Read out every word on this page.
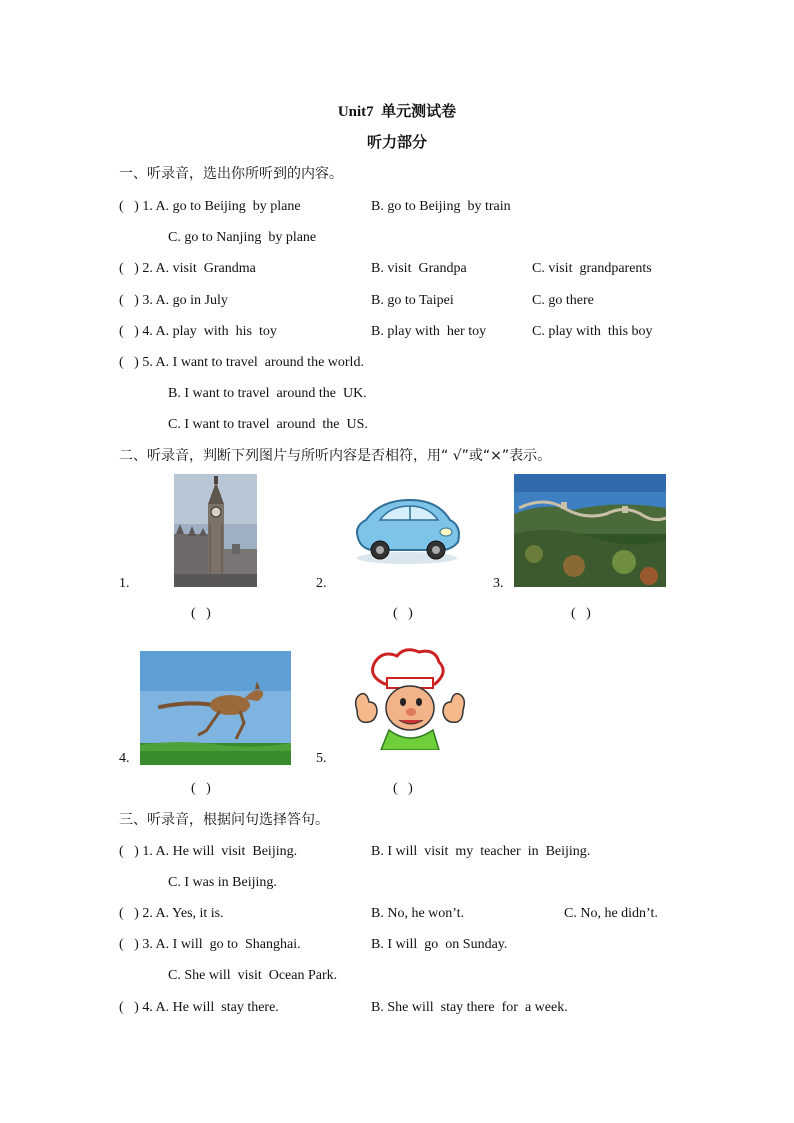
Unit7  单元测试卷
听力部分
一、听录音，选出你所听到的内容。
(   ) 1. A. go to Beijing  by plane	B. go to Beijing  by train
C. go to Nanjing  by plane
(   ) 2. A. visit  Grandma	B. visit  Grandpa	C. visit  grandparents
(   ) 3. A. go in July	B. go to Taipei	C. go there
(   ) 4. A. play  with  his  toy	B. play with  her toy	C. play with  this boy
(   ) 5. A. I want to travel  around the world.
B. I want to travel  around the  UK.
C. I want to travel  around  the  US.
二、听录音，判断下列图片与所听内容是否相符，用“ √”或“×”表示。
1.
(   )
2.
(   )
3.
(   )
4.
(   )
5.
(   )
三、听录音，根据问句选择答句。
(   ) 1. A. He will  visit  Beijing.	B. I will  visit  my  teacher  in  Beijing.
C. I was in Beijing.
(   ) 2. A. Yes, it is.	B. No, he won’t.	C. No, he didn’t.
(   ) 3. A. I will  go to  Shanghai.	B. I will  go  on Sunday.
C. She will  visit  Ocean Park.
(   ) 4. A. He will  stay there.	B. She will  stay there  for  a week.
